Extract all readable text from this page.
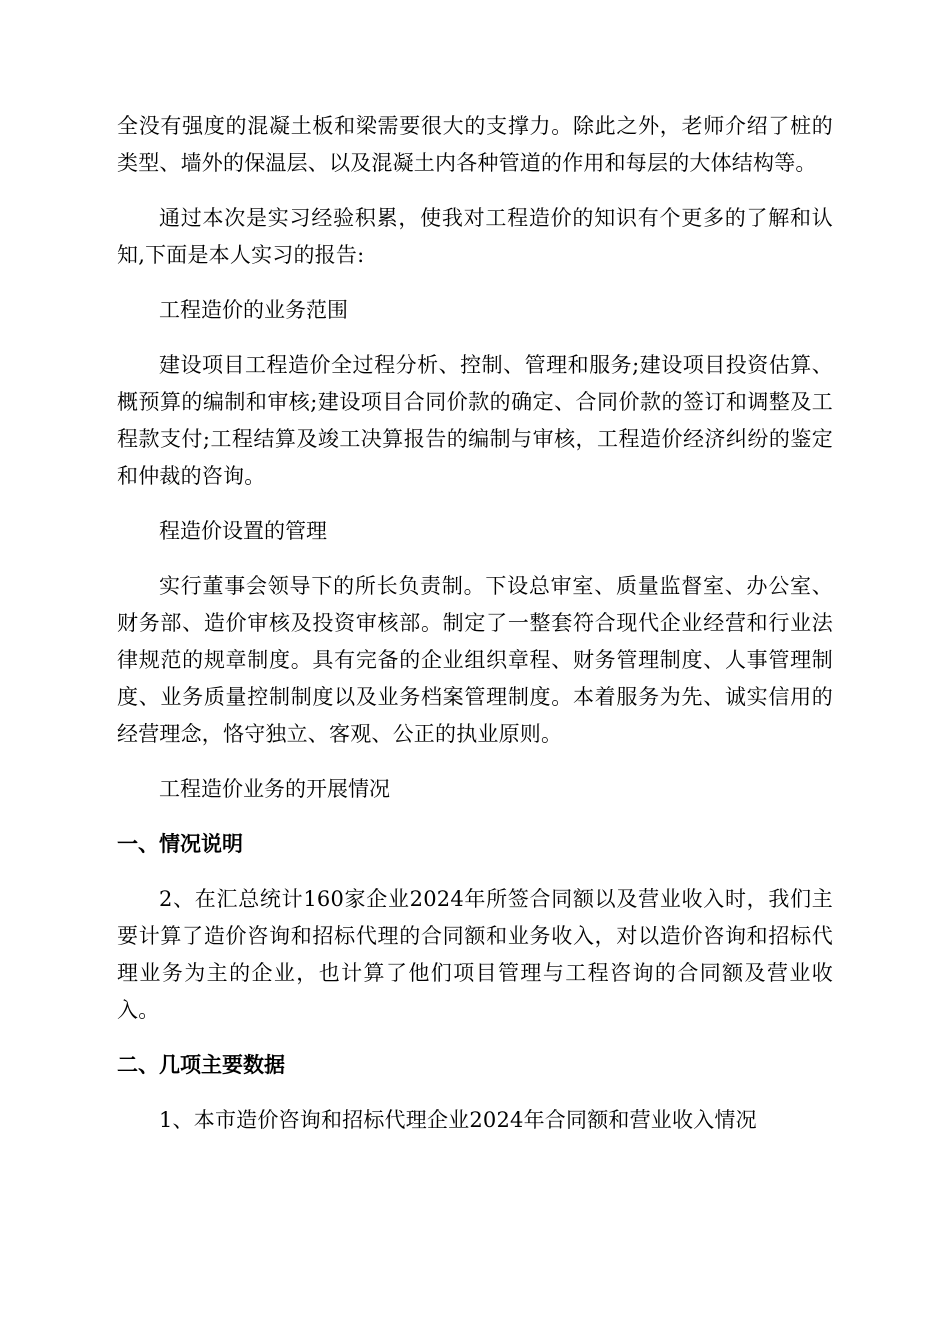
全没有强度的混凝土板和梁需要很大的支撑力。除此之外，老师介绍了桩的类型、墙外的保温层、以及混凝土内各种管道的作用和每层的大体结构等。

通过本次是实习经验积累，使我对工程造价的知识有个更多的了解和认知,下面是本人实习的报告:

工程造价的业务范围

建设项目工程造价全过程分析、控制、管理和服务;建设项目投资估算、概预算的编制和审核;建设项目合同价款的确定、合同价款的签订和调整及工程款支付;工程结算及竣工决算报告的编制与审核，工程造价经济纠纷的鉴定和仲裁的咨询。

程造价设置的管理

实行董事会领导下的所长负责制。下设总审室、质量监督室、办公室、财务部、造价审核及投资审核部。制定了一整套符合现代企业经营和行业法律规范的规章制度。具有完备的企业组织章程、财务管理制度、人事管理制度、业务质量控制制度以及业务档案管理制度。本着服务为先、诚实信用的经营理念，恪守独立、客观、公正的执业原则。

工程造价业务的开展情况

一、情况说明

2、在汇总统计160家企业2024年所签合同额以及营业收入时，我们主要计算了造价咨询和招标代理的合同额和业务收入，对以造价咨询和招标代理业务为主的企业，也计算了他们项目管理与工程咨询的合同额及营业收入。

二、几项主要数据

1、本市造价咨询和招标代理企业2024年合同额和营业收入情况
